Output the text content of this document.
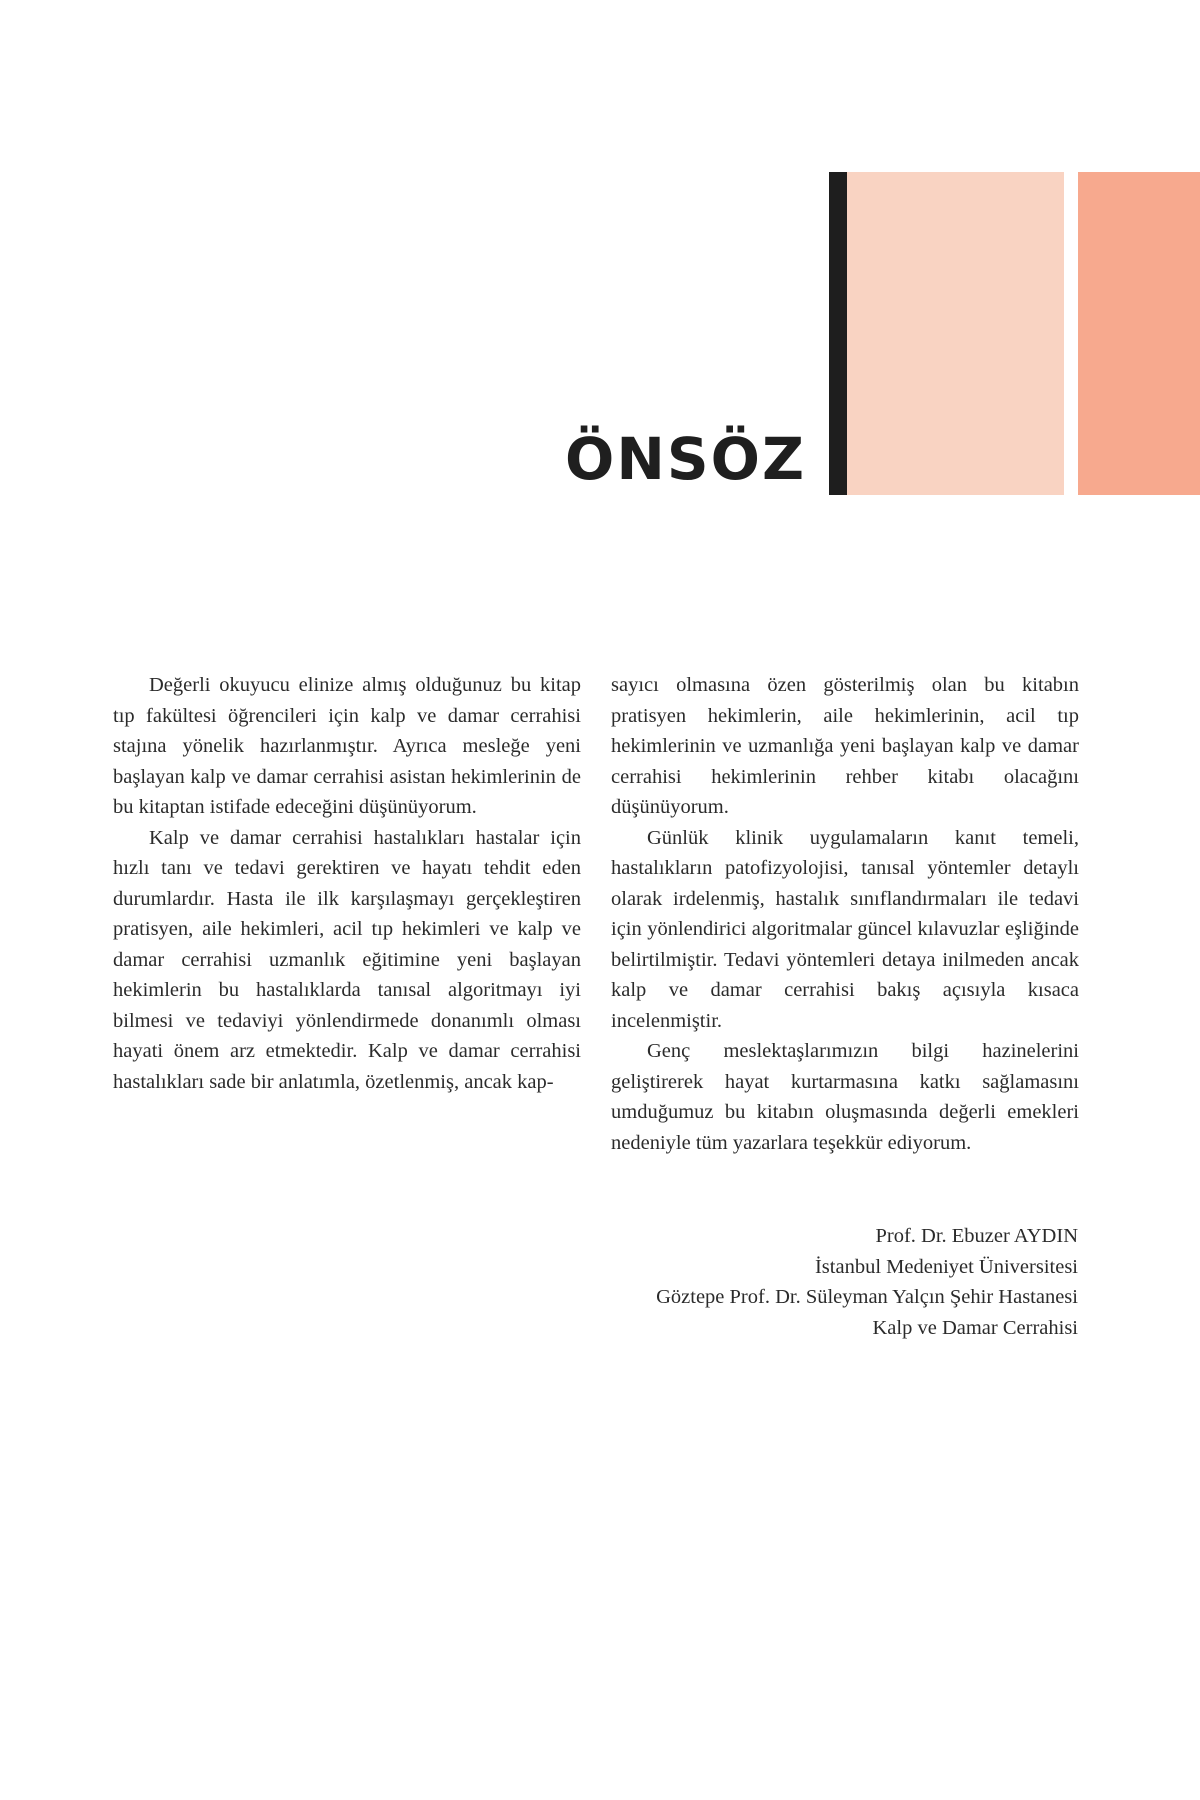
ÖNSÖZ

Değerli okuyucu elinize almış olduğunuz bu kitap tıp fakültesi öğrencileri için kalp ve damar cerrahisi stajına yönelik hazırlanmıştır. Ayrıca mesleğe yeni başlayan kalp ve damar cerrahisi asistan hekimlerinin de bu kitaptan istifade edeceğini düşünüyorum.

Kalp ve damar cerrahisi hastalıkları hastalar için hızlı tanı ve tedavi gerektiren ve hayatı tehdit eden durumlardır. Hasta ile ilk karşılaşmayı gerçekleştiren pratisyen, aile hekimleri, acil tıp hekimleri ve kalp ve damar cerrahisi uzmanlık eğitimine yeni başlayan hekimlerin bu hastalıklarda tanısal algoritmayı iyi bilmesi ve tedaviyi yönlendirmede donanımlı olması hayati önem arz etmektedir. Kalp ve damar cerrahisi hastalıkları sade bir anlatımla, özetlenmiş, ancak kap-

sayıcı olmasına özen gösterilmiş olan bu kitabın pratisyen hekimlerin, aile hekimlerinin, acil tıp hekimlerinin ve uzmanlığa yeni başlayan kalp ve damar cerrahisi hekimlerinin rehber kitabı olacağını düşünüyorum.

Günlük klinik uygulamaların kanıt temeli, hastalıkların patofizyolojisi, tanısal yöntemler detaylı olarak irdelenmiş, hastalık sınıflandırmaları ile tedavi için yönlendirici algoritmalar güncel kılavuzlar eşliğinde belirtilmiştir. Tedavi yöntemleri detaya inilmeden ancak kalp ve damar cerrahisi bakış açısıyla kısaca incelenmiştir.

Genç meslektaşlarımızın bilgi hazinelerini geliştirerek hayat kurtarmasına katkı sağlamasını umduğumuz bu kitabın oluşmasında değerli emekleri nedeniyle tüm yazarlara teşekkür ediyorum.

Prof. Dr. Ebuzer AYDIN
İstanbul Medeniyet Üniversitesi
Göztepe Prof. Dr. Süleyman Yalçın Şehir Hastanesi
Kalp ve Damar Cerrahisi
